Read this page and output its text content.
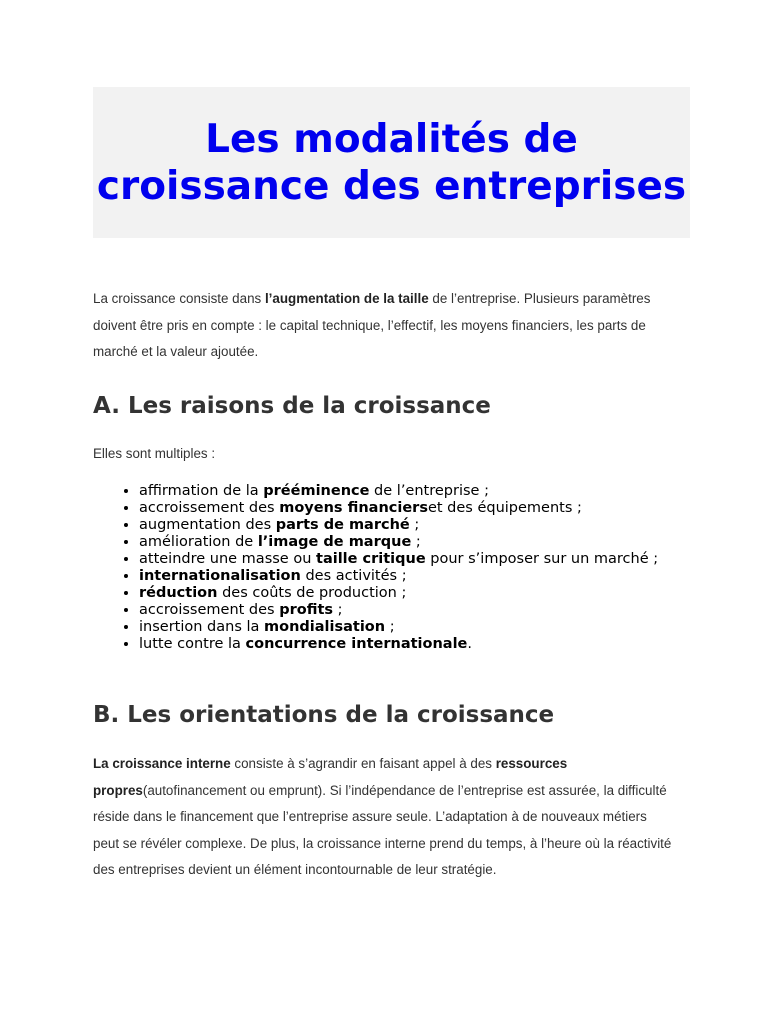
Les modalités de croissance des entreprises

La croissance consiste dans l’augmentation de la taille de l’entreprise. Plusieurs paramètres doivent être pris en compte : le capital technique, l’effectif, les moyens financiers, les parts de marché et la valeur ajoutée.

A. Les raisons de la croissance

Elles sont multiples :

• affirmation de la prééminence de l’entreprise ;
• accroissement des moyens financierset des équipements ;
• augmentation des parts de marché ;
• amélioration de l’image de marque ;
• atteindre une masse ou taille critique pour s’imposer sur un marché ;
• internationalisation des activités ;
• réduction des coûts de production ;
• accroissement des profits ;
• insertion dans la mondialisation ;
• lutte contre la concurrence internationale.
B. Les orientations de la croissance

La croissance interne consiste à s’agrandir en faisant appel à des ressources propres(autofinancement ou emprunt). Si l’indépendance de l’entreprise est assurée, la difficulté réside dans le financement que l’entreprise assure seule. L’adaptation à de nouveaux métiers peut se révéler complexe. De plus, la croissance interne prend du temps, à l’heure où la réactivité des entreprises devient un élément incontournable de leur stratégie.
